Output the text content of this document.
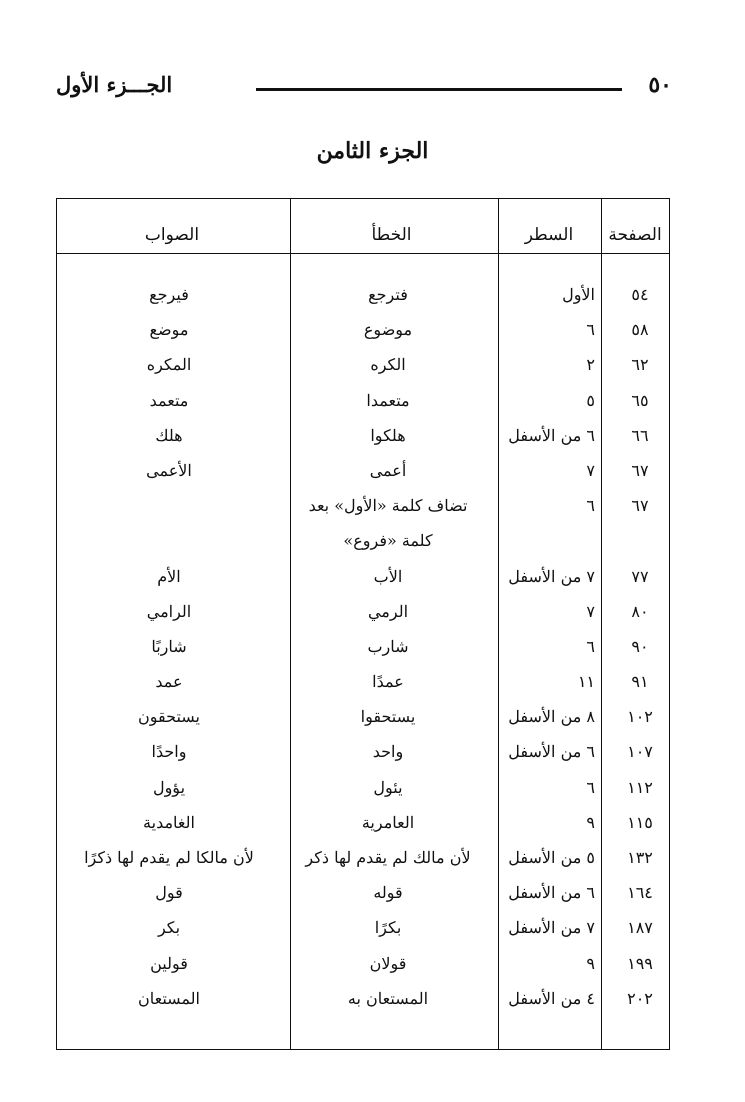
٥٠
الجـــزء الأول
الجزء الثامن
الصفحة
السطر
الخطأ
الصواب
٥٤
الأول
فترجع
فيرجع
٥٨
٦
موضوع
موضع
٦٢
٢
الكره
المكره
٦٥
٥
متعمدا
متعمد
٦٦
٦ من الأسفل
هلكوا
هلك
٦٧
٧
أعمى
الأعمى
٦٧
٦
تضاف كلمة «الأول» بعد
كلمة «فروع»
٧٧
٧ من الأسفل
الأب
الأم
٨٠
٧
الرمي
الرامي
٩٠
٦
شارب
شاربًا
٩١
١١
عمدًا
عمد
١٠٢
٨ من الأسفل
يستحقوا
يستحقون
١٠٧
٦ من الأسفل
واحد
واحدًا
١١٢
٦
يئول
يؤول
١١٥
٩
العامرية
الغامدية
١٣٢
٥ من الأسفل
لأن مالك لم يقدم لها ذكر
لأن مالكا لم يقدم لها ذكرًا
١٦٤
٦ من الأسفل
قوله
قول
١٨٧
٧ من الأسفل
بكرًا
بكر
١٩٩
٩
قولان
قولين
٢٠٢
٤ من الأسفل
المستعان به
المستعان
